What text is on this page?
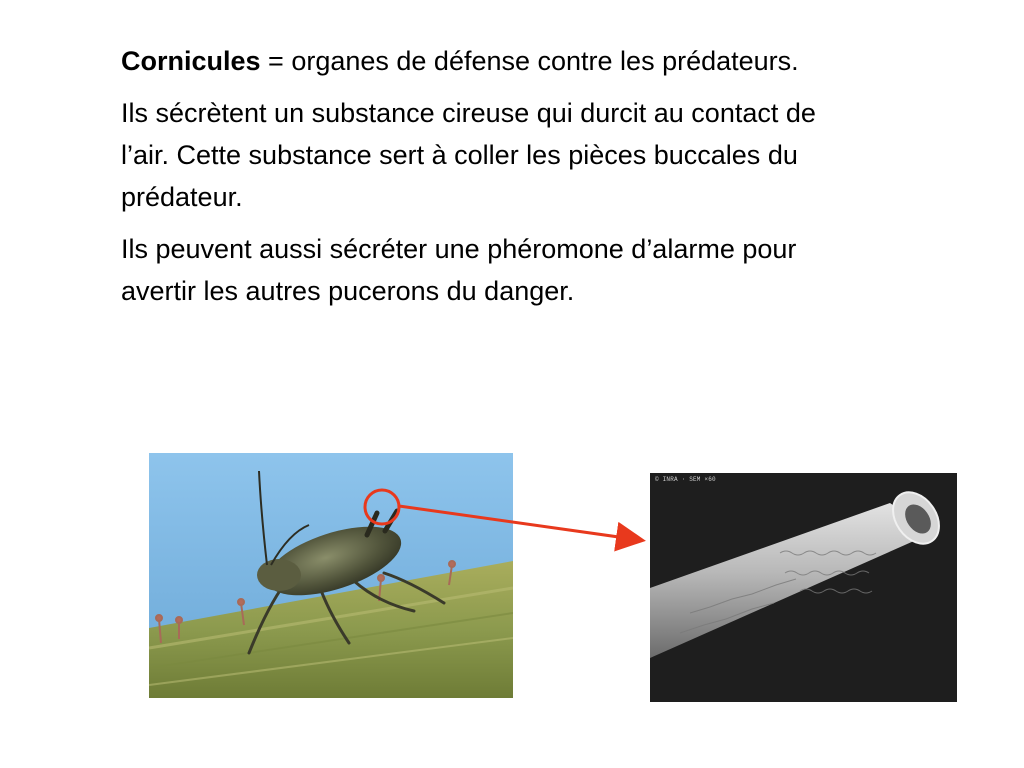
Cornicules = organes de défense contre les prédateurs.

Ils sécrètent un substance cireuse qui durcit au contact de l’air. Cette substance sert à coller les pièces buccales du prédateur.

Ils peuvent aussi sécréter une phéromone d’alarme pour avertir les autres pucerons du danger.

© INRA · SEM ×60
